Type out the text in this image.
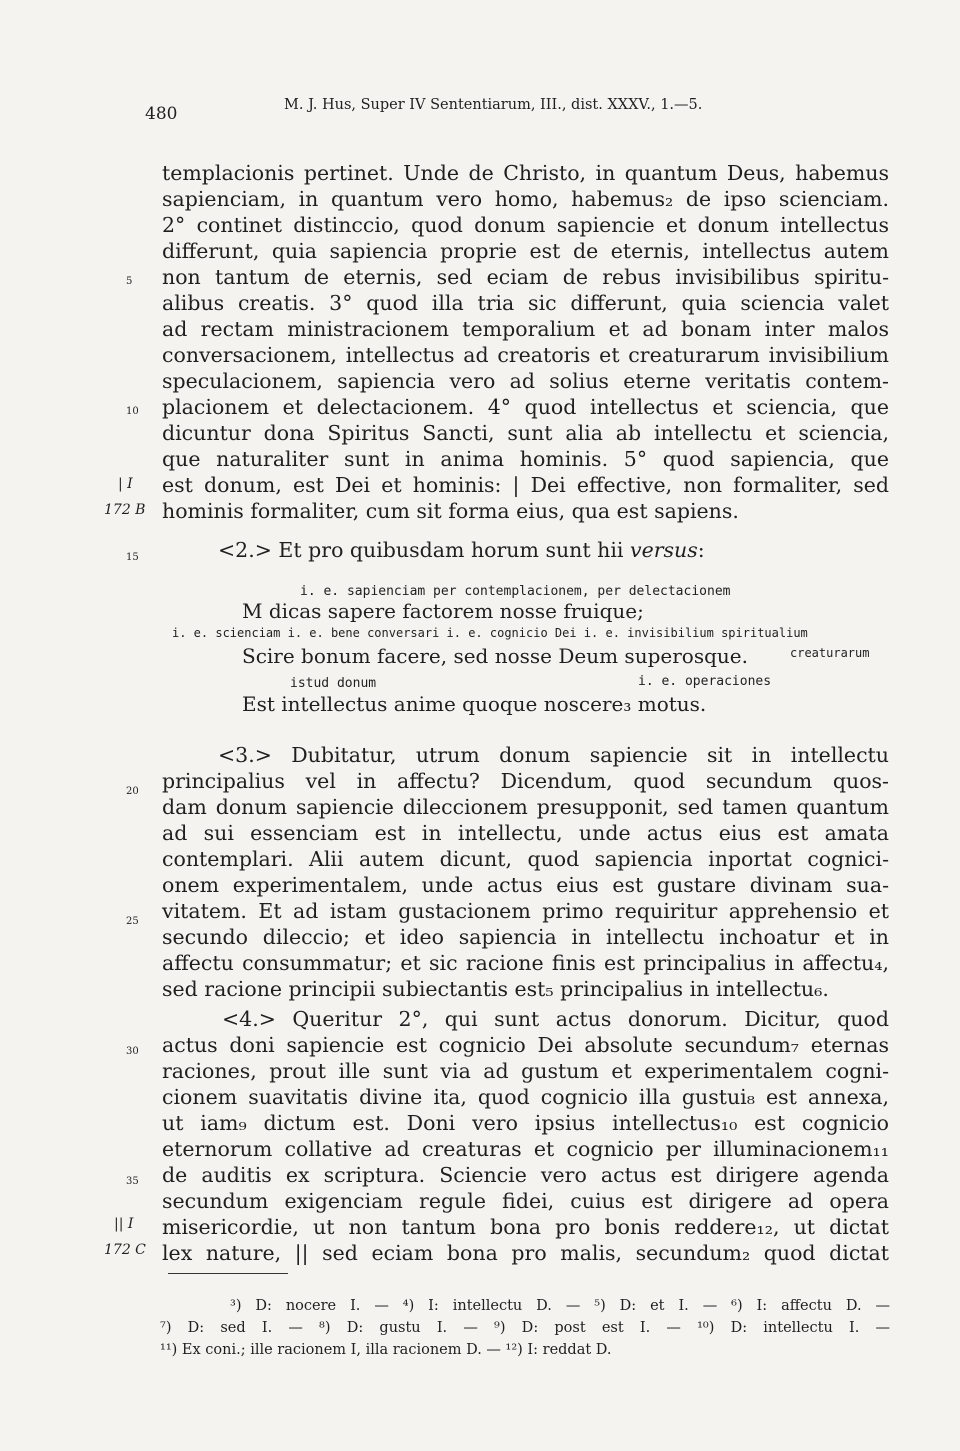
480	M. J. Hus, Super IV Sententiarum, III., dist. XXXV., 1.—5.
templacionis pertinet. Unde de Christo, in quantum Deus, habemus
sapienciam, in quantum vero homo, habemus₂ de ipso scienciam.
2° continet distinccio, quod donum sapiencie et donum intellectus
differunt, quia sapiencia proprie est de eternis, intellectus autem
non tantum de eternis, sed eciam de rebus invisibilibus spiritu-
alibus creatis. 3° quod illa tria sic differunt, quia sciencia valet
ad rectam ministracionem temporalium et ad bonam inter malos
conversacionem, intellectus ad creatoris et creaturarum invisibilium
speculacionem, sapiencia vero ad solius eterne veritatis contem-
placionem et delectacionem. 4° quod intellectus et sciencia, que
dicuntur dona Spiritus Sancti, sunt alia ab intellectu et sciencia,
que naturaliter sunt in anima hominis. 5° quod sapiencia, que
est donum, est Dei et hominis: | Dei effective, non formaliter, sed
hominis formaliter, cum sit forma eius, qua est sapiens.
5
10
15
20
25
30
35
| I
172 B
|| I
172 C
<2.> Et pro quibusdam horum sunt hii versus:
i. e. sapienciam per contemplacionem, per delectacionem
M dicas sapere factorem nosse fruique;
i. e. scienciam i. e. bene conversari i. e. cognicio Dei i. e. invisibilium spiritualium
Scire bonum facere, sed nosse Deum superosque.	creaturarum
istud donum	i. e. operaciones
Est intellectus anime quoque noscere₃ motus.
<3.> Dubitatur, utrum donum sapiencie sit in intellectu
principalius vel in affectu? Dicendum, quod secundum quos-
dam donum sapiencie dileccionem presupponit, sed tamen quantum
ad sui essenciam est in intellectu, unde actus eius est amata
contemplari. Alii autem dicunt, quod sapiencia inportat cognici-
onem experimentalem, unde actus eius est gustare divinam sua-
vitatem. Et ad istam gustacionem primo requiritur apprehensio et
secundo dileccio; et ideo sapiencia in intellectu inchoatur et in
affectu consummatur; et sic racione finis est principalius in affectu₄,
sed racione principii subiectantis est₅ principalius in intellectu₆.
<4.> Queritur 2°, qui sunt actus donorum. Dicitur, quod
actus doni sapiencie est cognicio Dei absolute secundum₇ eternas
raciones, prout ille sunt via ad gustum et experimentalem cogni-
cionem suavitatis divine ita, quod cognicio illa gustui₈ est annexa,
ut iam₉ dictum est. Doni vero ipsius intellectus₁₀ est cognicio
eternorum collative ad creaturas et cognicio per illuminacionem₁₁
de auditis ex scriptura. Sciencie vero actus est dirigere agenda
secundum exigenciam regule fidei, cuius est dirigere ad opera
misericordie, ut non tantum bona pro bonis reddere₁₂, ut dictat
lex nature, || sed eciam bona pro malis, secundum₂ quod dictat
³) D: nocere I. — ⁴) I: intellectu D. — ⁵) D: et I. — ⁶) I: affectu D. —
⁷) D: sed I. — ⁸) D: gustu I. — ⁹) D: post est I. — ¹⁰) D: intellectu I. —
¹¹) Ex coni.; ille racionem I, illa racionem D. — ¹²) I: reddat D.
